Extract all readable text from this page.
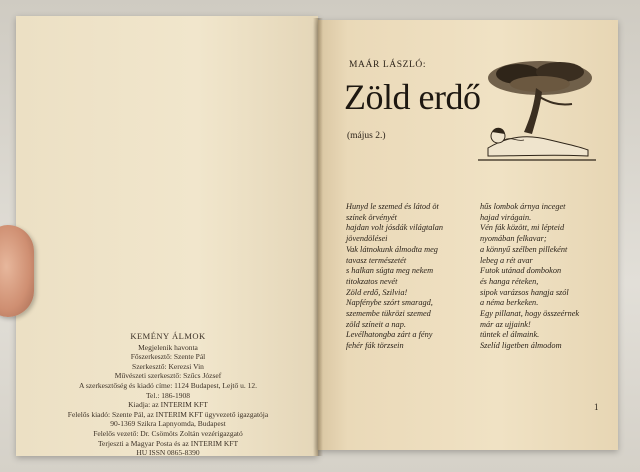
KEMÉNY ÁLMOK
Megjelenik havonta
Főszerkesztő: Szente Pál
Szerkesztő: Kerezsi Vin
Művészeti szerkesztő: Szűcs József
A szerkesztőség és kiadó címe: 1124 Budapest, Lejtő u. 12.
Tel.: 186-1908
Kiadja: az INTERIM KFT
Felelős kiadó: Szente Pál, az INTERIM KFT ügyvezető igazgatója
90-1369 Szikra Lapnyomda, Budapest
Felelős vezető: Dr. Csömöts Zoltán vezérigazgató
Terjeszti a Magyar Posta és az INTERIM KFT
HU ISSN 0865-8390
MAÁR LÁSZLÓ:
Zöld erdő
(május 2.)
Hunyd le szemed és látod öt
színek örvényét
hajdan volt jósdák világtalan
jövendölései
Vak látnokunk álmodta meg
tavasz természetét
s halkan súgta meg nekem
titokzatos nevét
Zöld erdő, Szilvia!
Napfénybe szórt smaragd,
szemembe tükrözi szemed
zöld színeit a nap.
Levélhatongba zárt a fény
fehér fák törzsein
hűs lombok árnya inceget
hajad virágain.
Vén fák között, mi lépteid
nyomában felkavar;
a könnyű szélben pilleként
lebeg a rét avar
Futok utánad dombokon
és hanga réteken,
sipok varázsos hangja szól
a néma berkeken.
Egy pillanat, hogy összeérnek
már az ujjaink!
tüntek el álmaink.
Szelíd ligetben álmodom
1
